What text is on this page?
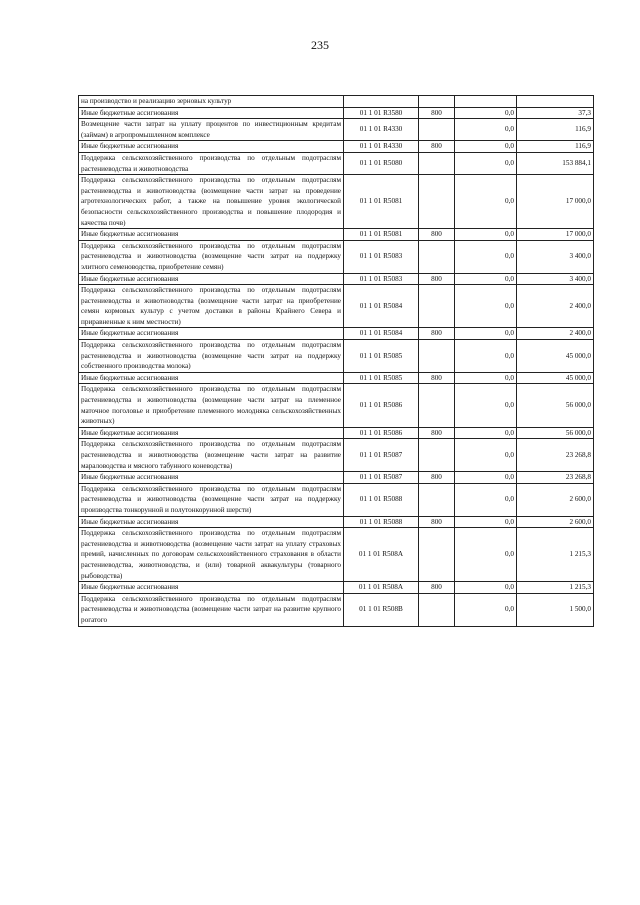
235
на производство и реализацию зерновых культур				
Иные бюджетные ассигнования	01 1 01 R3580	800	0,0	37,3
Возмещение части затрат на уплату процентов по инвестиционным кредитам (займам) в агропромышленном комплексе	01 1 01 R4330		0,0	116,9
Иные бюджетные ассигнования	01 1 01 R4330	800	0,0	116,9
Поддержка сельскохозяйственного производства по отдельным подотраслям растениеводства и животноводства	01 1 01 R5080		0,0	153 884,1
Поддержка сельскохозяйственного производства по отдельным подотраслям растениеводства и животноводства (возмещение части затрат на проведение агротехнологических работ, а также на повышение уровня экологической безопасности сельскохозяйственного производства и повышение плодородия и качества почв)	01 1 01 R5081		0,0	17 000,0
Иные бюджетные ассигнования	01 1 01 R5081	800	0,0	17 000,0
Поддержка сельскохозяйственного производства по отдельным подотраслям растениеводства и животноводства (возмещение части затрат на поддержку элитного семеноводства, приобретение семян)	01 1 01 R5083		0,0	3 400,0
Иные бюджетные ассигнования	01 1 01 R5083	800	0,0	3 400,0
Поддержка сельскохозяйственного производства по отдельным подотраслям растениеводства и животноводства (возмещение части затрат на приобретение семян кормовых культур с учетом доставки в районы Крайнего Севера и приравненные к ним местности)	01 1 01 R5084		0,0	2 400,0
Иные бюджетные ассигнования	01 1 01 R5084	800	0,0	2 400,0
Поддержка сельскохозяйственного производства по отдельным подотраслям растениеводства и животноводства (возмещение части затрат на поддержку собственного производства молока)	01 1 01 R5085		0,0	45 000,0
Иные бюджетные ассигнования	01 1 01 R5085	800	0,0	45 000,0
Поддержка сельскохозяйственного производства по отдельным подотраслям растениеводства и животноводства (возмещение части затрат на племенное маточное поголовье и приобретение племенного молодняка сельскохозяйственных животных)	01 1 01 R5086		0,0	56 000,0
Иные бюджетные ассигнования	01 1 01 R5086	800	0,0	56 000,0
Поддержка сельскохозяйственного производства по отдельным подотраслям растениеводства и животноводства (возмещение части затрат на развитие мараловодства и мясного табунного коневодства)	01 1 01 R5087		0,0	23 268,8
Иные бюджетные ассигнования	01 1 01 R5087	800	0,0	23 268,8
Поддержка сельскохозяйственного производства по отдельным подотраслям растениеводства и животноводства (возмещение части затрат на поддержку производства тонкорунной и полутонкорунной шерсти)	01 1 01 R5088		0,0	2 600,0
Иные бюджетные ассигнования	01 1 01 R5088	800	0,0	2 600,0
Поддержка сельскохозяйственного производства по отдельным подотраслям растениеводства и животноводства (возмещение части затрат на уплату страховых премий, начисленных по договорам сельскохозяйственного страхования в области растениеводства, животноводства, и (или) товарной аквакультуры (товарного рыбоводства)	01 1 01 R508A		0,0	1 215,3
Иные бюджетные ассигнования	01 1 01 R508A	800	0,0	1 215,3
Поддержка сельскохозяйственного производства по отдельным подотраслям растениеводства и животноводства (возмещение части затрат на развитие крупного рогатого	01 1 01 R508B		0,0	1 500,0
